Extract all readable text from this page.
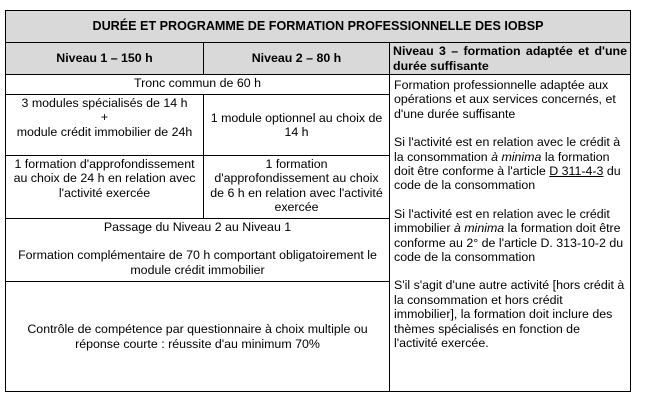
DURÉE ET PROGRAMME DE FORMATION PROFESSIONNELLE DES IOBSP		
Niveau 1 – 150 h	Niveau 2 – 80 h	Niveau 3 – formation adaptée et d'une durée suffisante
Tronc commun de 60 h		Formation professionnelle adaptée aux opérations et aux services concernés, et d'une durée suffisante

Si l'activité est en relation avec le crédit à la consommation à minima la formation doit être conforme à l'article D 311-4-3 du code de la consommation

Si l'activité est en relation avec le crédit immobilier à minima la formation doit être conforme au 2° de l'article D. 313-10-2 du code de la consommation

S'il s'agit d'une autre activité [hors crédit à la consommation et hors crédit immobilier], la formation doit inclure des thèmes spécialisés en fonction de l'activité exercée.

3 modules spécialisés de 14 h
+
module crédit immobilier de 24h	1 module optionnel au choix de 14 h	
1 formation d'approfondissement au choix de 24 h en relation avec l'activité exercée	1 formation d'approfondissement au choix de 6 h en relation avec l'activité exercée	

Passage du Niveau 2 au Niveau 1
Formation complémentaire de 70 h comportant obligatoirement le module crédit immobilier		

Contrôle de compétence par questionnaire à choix multiple ou réponse courte : réussite d'au minimum 70%		
